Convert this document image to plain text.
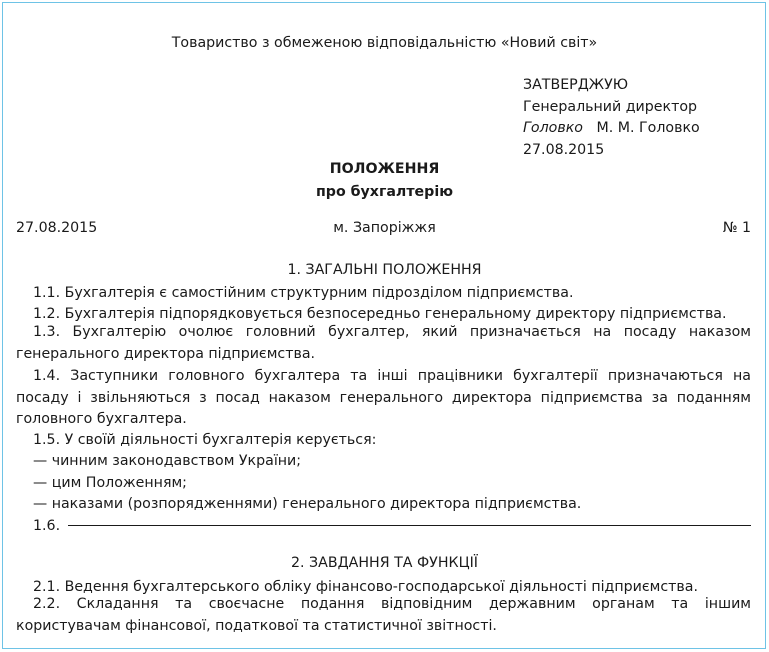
Товариство з обмеженою відповідальністю «Новий світ»
ЗАТВЕРДЖУЮ
Генеральний директор
Головко М. М. Головко
27.08.2015
ПОЛОЖЕННЯ
про бухгалтерію
27.08.2015	м. Запоріжжя	№ 1
1. ЗАГАЛЬНІ ПОЛОЖЕННЯ
1.1. Бухгалтерія є самостійним структурним підрозділом підприємства.
1.2. Бухгалтерія підпорядковується безпосередньо генеральному директору підприємства.
1.3. Бухгалтерію очолює головний бухгалтер, який призначається на посаду наказом генерального директора підприємства.
1.4. Заступники головного бухгалтера та інші працівники бухгалтерії призначаються на посаду і звільняються з посад наказом генерального директора підприємства за поданням головного бухгалтера.
1.5. У своїй діяльності бухгалтерія керується:
— чинним законодавством України;
— цим Положенням;
— наказами (розпорядженнями) генерального директора підприємства.
1.6.
2. ЗАВДАННЯ ТА ФУНКЦІЇ
2.1. Ведення бухгалтерського обліку фінансово-господарської діяльності підприємства.
2.2. Складання та своєчасне подання відповідним державним органам та іншим користувачам фінансової, податкової та статистичної звітності.
